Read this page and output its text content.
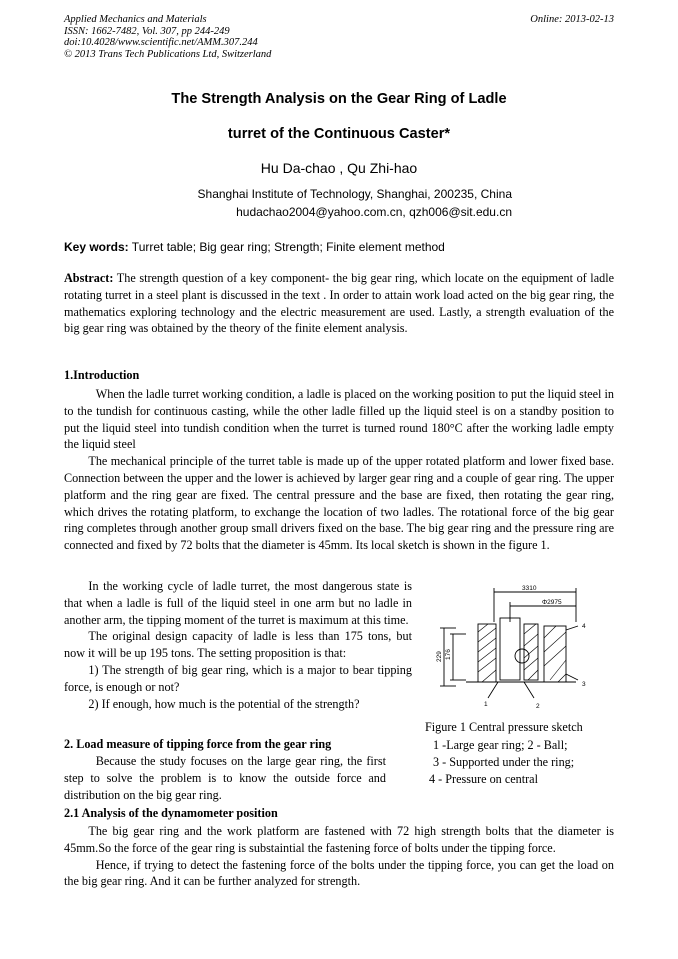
Applied Mechanics and Materials
ISSN: 1662-7482, Vol. 307, pp 244-249
doi:10.4028/www.scientific.net/AMM.307.244
© 2013 Trans Tech Publications Ltd, Switzerland
Online: 2013-02-13
The Strength Analysis on the Gear Ring of Ladle
turret of the Continuous Caster*
Hu Da-chao , Qu Zhi-hao
Shanghai Institute of Technology, Shanghai, 200235, China
hudachao2004@yahoo.com.cn, qzh006@sit.edu.cn
Key words: Turret table; Big gear ring; Strength; Finite element method
Abstract: The strength question of a key component- the big gear ring, which locate on the equipment of ladle rotating turret in a steel plant is discussed in the text . In order to attain work load acted on the big gear ring, the mathematics exploring technology and the electric measurement are used. Lastly, a strength evaluation of the big gear ring was obtained by the theory of the finite element analysis.
1.Introduction

When the ladle turret working condition, a ladle is placed on the working position to put the liquid steel in to the tundish for continuous casting, while the other ladle filled up the liquid steel is on a standby position to put the liquid steel into tundish condition when the turret is turned round 180°C after the working ladle empty the liquid steel

The mechanical principle of the turret table is made up of the upper rotated platform and lower fixed base. Connection between the upper and the lower is achieved by larger gear ring and a couple of gear ring. The upper platform and the ring gear are fixed. The central pressure and the base are fixed, then rotating the gear ring, which drives the rotating platform, to exchange the location of two ladles. The rotational force of the big gear ring completes through another group small drivers fixed on the base. The big gear ring and the pressure ring are connected and fixed by 72 bolts that the diameter is 45mm. Its local sketch is shown in the figure 1.

In the working cycle of ladle turret, the most dangerous state is that when a ladle is full of the liquid steel in one arm but no ladle in another arm, the tipping moment of the turret is maximum at this time.

The original design capacity of ladle is less than 175 tons, but now it will be up 195 tons. The setting proposition is that:

1) The strength of big gear ring, which is a major to bear tipping force, is enough or not?

2) If enough, how much is the potential of the strength?

2. Load measure of tipping force from the gear ring

Because the study focuses on the large gear ring, the first step to solve the problem is to know the outside force and distribution on the big gear ring.

3310
Φ2975
229 176
1	2
3
4
Figure 1 Central pressure sketch
1 -Large gear ring; 2 - Ball;
3 - Supported under the ring;
4 - Pressure on central
2.1 Analysis of the dynamometer position

The big gear ring and the work platform are fastened with 72 high strength bolts that the diameter is 45mm.So the force of the gear ring is substaintial the fastening force of bolts under the tipping force.

Hence, if trying to detect the fastening force of the bolts under the tipping force, you can get the load on the big gear ring. And it can be further analyzed for strength.
